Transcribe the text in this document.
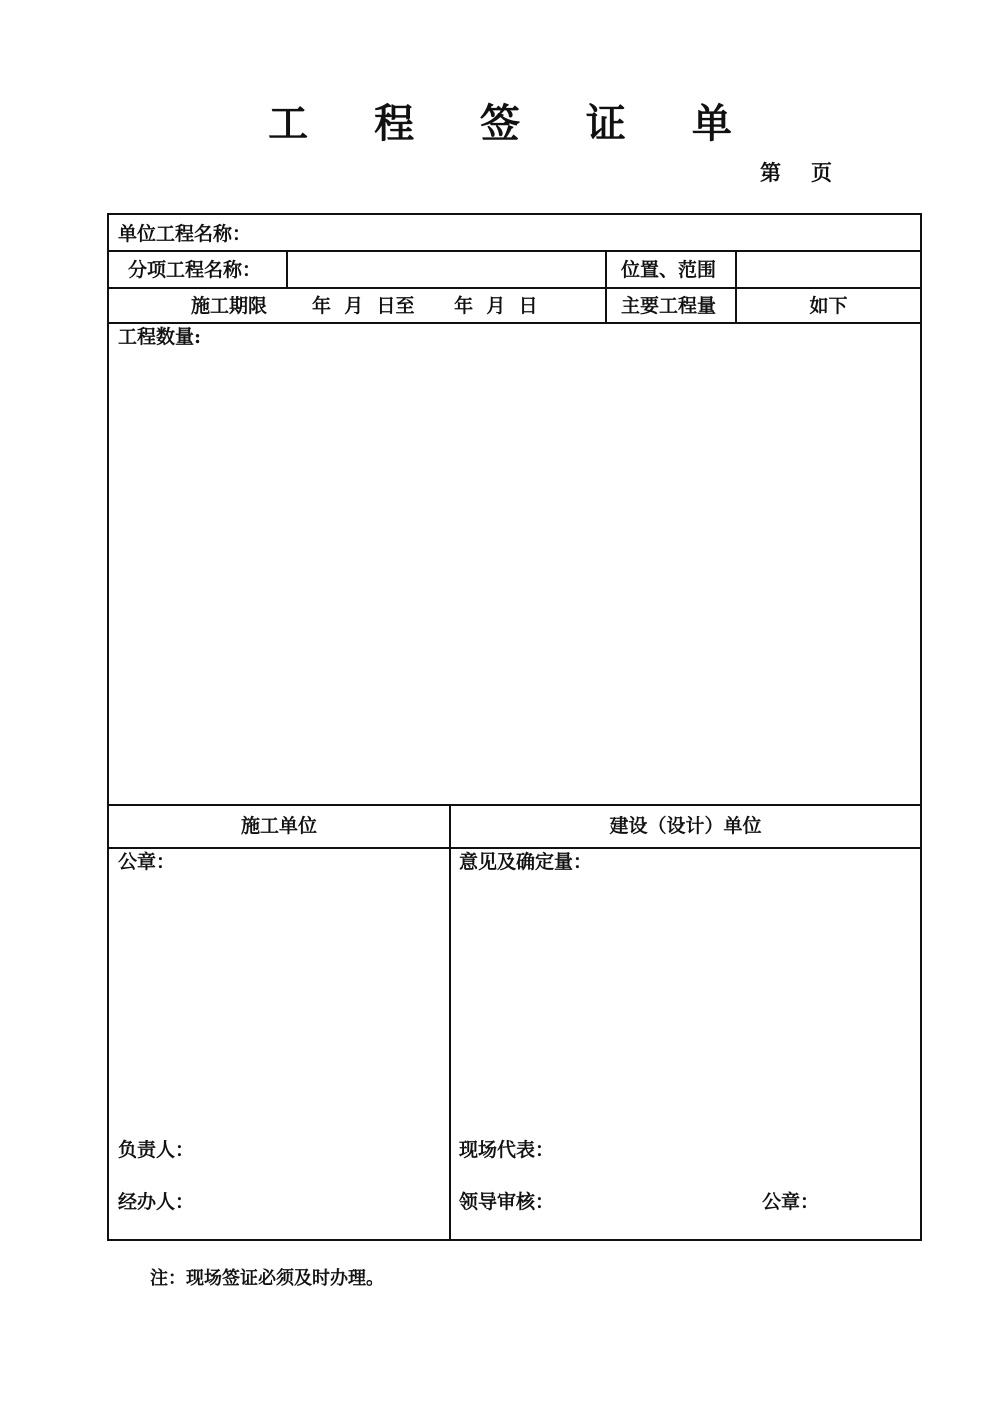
工 程 签 证 单
第 页
单位工程名称：
分项工程名称：	位置、范围
施工期限 年  月  日至      年  月  日	主要工程量	如下
工程数量:
施工单位	建设（设计）单位
公章：
负责人：
经办人：
意见及确定量：
现场代表：
领导审核：	公章：
注：现场签证必须及时办理。
